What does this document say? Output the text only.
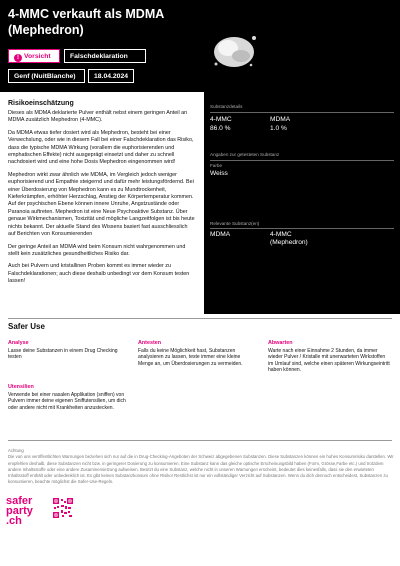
4-MMC verkauft als MDMA (Mephedron)
! Vorsicht	Falschdeklaration
Genf (NuitBlanche)	18.04.2024
Substanzdetails
4-MMC	MDMA
86.0 %	1.0 %
Angaben zur getesteten Substanz
Farbe
Weiss
Relevante Substanz(en)
MDMA	4-MMC
(Mephedron)
Risikoeinschätzung

Dieses als MDMA deklarierte Pulver enthält nebst einem geringen Anteil an MDMA zusätzlich Mephedron (4-MMC).

Da MDMA etwas tiefer dosiert wird als Mephedron, besteht bei einer Verwechslung, oder wie in diesem Fall bei einer Falschdeklaration das Risiko, dass die typische MDMA Wirkung (vorallem die euphorisierenden und emphatischen Effekte) nicht ausgeprägt einsetzt und daher zu schnell nachdosiert wird und eine hohe Dosis Mephedron eingenommen wird!

Mephedron wirkt zwar ähnlich wie MDMA, im Vergleich jedoch weniger euphorisierend und Empathie steigernd und dafür mehr leistungsfördernd. Bei einer Überdosierung von Mephedron kann es zu Mundtrockenheit, Kieferkrämpfen, erhöhter Herzschlag, Anstieg der Körpertemperatur kommen. Auf der psychischen Ebene können innere Unruhe, Angstzustände oder Paranoia auftreten. Mephedron ist eine Neue Psychoaktive Substanz. Über genaue Wirkmechanismen, Toxizität und mögliche Langzeitfolgen ist bis heute nichts bekannt. Der aktuelle Stand des Wissens basiert fast ausschliesslich auf Berichten von Konsumierenden

Der geringe Anteil an MDMA wird beim Konsum nicht wahrgenommen und stellt kein zusätzliches gesundheitliches Risiko dar.

Auch bei Pulvern und kristallinen Proben kommt es immer wieder zu Falschdeklarationen; auch diese deshalb unbedingt vor dem Konsum testen lassen!

Safer Use
Analyse
Lasse deine Substanzen in einem Drug Checking testen
Antesten
Falls du keine Möglichkeit hast, Substanzen analysieren zu lassen, teste immer eine kleine Menge an, um Überdosierungen zu vermeiden.
Abwarten
Warte nach einer Einnahme 2 Stunden, da immer wieder Pulver / Kristalle mit unerwarteten Wirkstoffen im Umlauf sind, welche einen späteren Wirkungseintritt haben können.
Utensilien
Verwende bei einer nasalen Applikation (sniffen) von Pulvern immer deine eigenen Sniffutensilien, um dich oder andere nicht mit Krankheiten anzustecken.
Achtung
Die von uns veröffentlichten Warnungen beziehen sich nur auf die in Drug-Checking-Angeboten der Schweiz abgegebenen Substanzen. Diese Substanzen können ein hohes Konsumrisiko darstellen. Wir empfehlen deshalb, diese Substanzen nicht bzw. in geringerer Dosierung zu konsumieren. Eine Substanz kann das gleiche optische Erscheinungsbild haben (Form, Grösse,Farbe etc.) und trotzdem andere Inhaltsstoffe oder eine andere Zusammensetzung aufweisen. Besitzt du eine Substanz, welche nicht in unseren Warnungen erscheint, bedeutet dies keinesfalls, dass sie den erwarteten Inhaltsstoff enthält oder unbedenklich ist. Es gibt keinen Substanzkonsum ohne Risiko! Restlichst ist nur ein vollständiger Verzicht auf Substanzen. Wenn du dich dennoch entscheidest, Substanzen zu konsumieren, beachte möglichst die Safer-Use-Regeln.
safer
party
.ch
